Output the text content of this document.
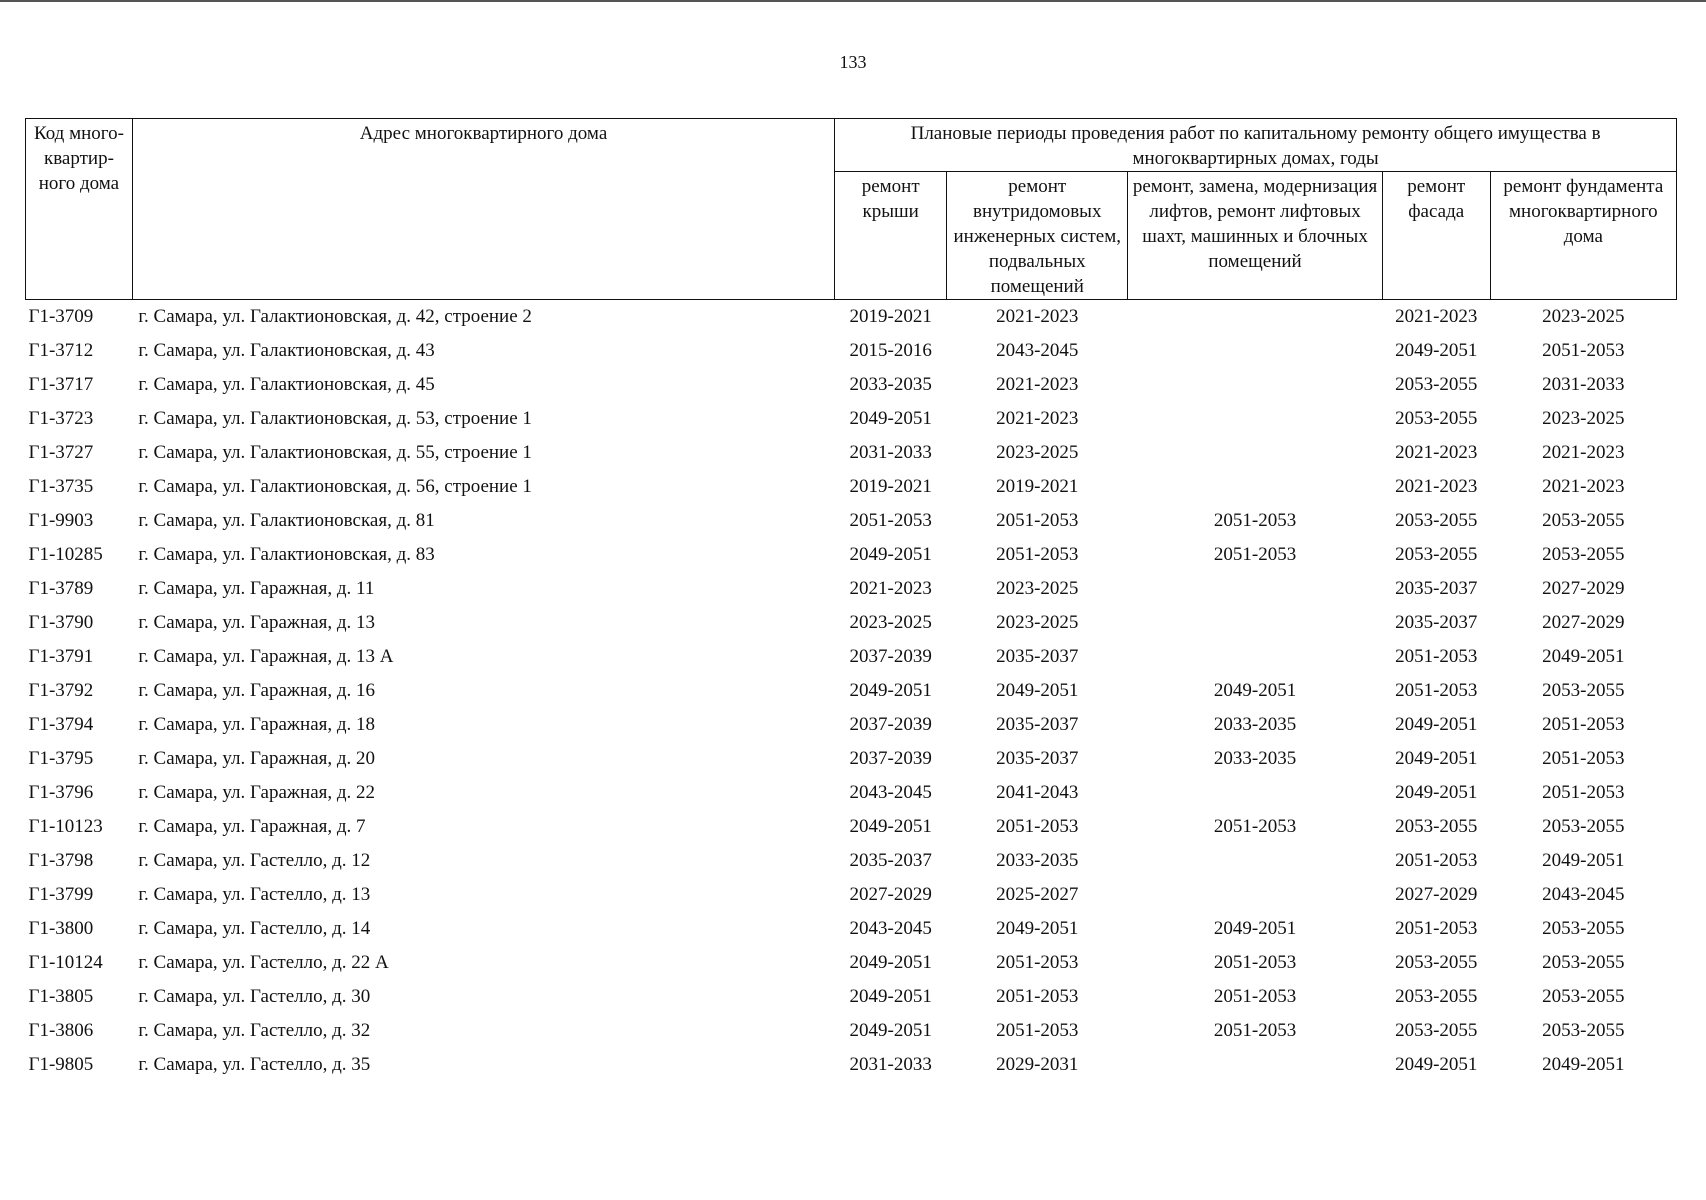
133
Код много-квартир-ного дома	Адрес многоквартирного дома	Плановые периоды проведения работ по капитальному ремонту общего имущества в многоквартирных домах, годы				
		ремонт крыши	ремонт внутридомовых инженерных систем, подвальных помещений	ремонт, замена, модернизация лифтов, ремонт лифтовых шахт, машинных и блочных помещений	ремонт фасада	ремонт фундамента многоквартирного дома
Г1-3709	г. Самара, ул. Галактионовская, д. 42, строение 2	2019-2021	2021-2023		2021-2023	2023-2025
Г1-3712	г. Самара, ул. Галактионовская, д. 43	2015-2016	2043-2045		2049-2051	2051-2053
Г1-3717	г. Самара, ул. Галактионовская, д. 45	2033-2035	2021-2023		2053-2055	2031-2033
Г1-3723	г. Самара, ул. Галактионовская, д. 53, строение 1	2049-2051	2021-2023		2053-2055	2023-2025
Г1-3727	г. Самара, ул. Галактионовская, д. 55, строение 1	2031-2033	2023-2025		2021-2023	2021-2023
Г1-3735	г. Самара, ул. Галактионовская, д. 56, строение 1	2019-2021	2019-2021		2021-2023	2021-2023
Г1-9903	г. Самара, ул. Галактионовская, д. 81	2051-2053	2051-2053	2051-2053	2053-2055	2053-2055
Г1-10285	г. Самара, ул. Галактионовская, д. 83	2049-2051	2051-2053	2051-2053	2053-2055	2053-2055
Г1-3789	г. Самара, ул. Гаражная, д. 11	2021-2023	2023-2025		2035-2037	2027-2029
Г1-3790	г. Самара, ул. Гаражная, д. 13	2023-2025	2023-2025		2035-2037	2027-2029
Г1-3791	г. Самара, ул. Гаражная, д. 13 А	2037-2039	2035-2037		2051-2053	2049-2051
Г1-3792	г. Самара, ул. Гаражная, д. 16	2049-2051	2049-2051	2049-2051	2051-2053	2053-2055
Г1-3794	г. Самара, ул. Гаражная, д. 18	2037-2039	2035-2037	2033-2035	2049-2051	2051-2053
Г1-3795	г. Самара, ул. Гаражная, д. 20	2037-2039	2035-2037	2033-2035	2049-2051	2051-2053
Г1-3796	г. Самара, ул. Гаражная, д. 22	2043-2045	2041-2043		2049-2051	2051-2053
Г1-10123	г. Самара, ул. Гаражная, д. 7	2049-2051	2051-2053	2051-2053	2053-2055	2053-2055
Г1-3798	г. Самара, ул. Гастелло, д. 12	2035-2037	2033-2035		2051-2053	2049-2051
Г1-3799	г. Самара, ул. Гастелло, д. 13	2027-2029	2025-2027		2027-2029	2043-2045
Г1-3800	г. Самара, ул. Гастелло, д. 14	2043-2045	2049-2051	2049-2051	2051-2053	2053-2055
Г1-10124	г. Самара, ул. Гастелло, д. 22 А	2049-2051	2051-2053	2051-2053	2053-2055	2053-2055
Г1-3805	г. Самара, ул. Гастелло, д. 30	2049-2051	2051-2053	2051-2053	2053-2055	2053-2055
Г1-3806	г. Самара, ул. Гастелло, д. 32	2049-2051	2051-2053	2051-2053	2053-2055	2053-2055
Г1-9805	г. Самара, ул. Гастелло, д. 35	2031-2033	2029-2031		2049-2051	2049-2051
